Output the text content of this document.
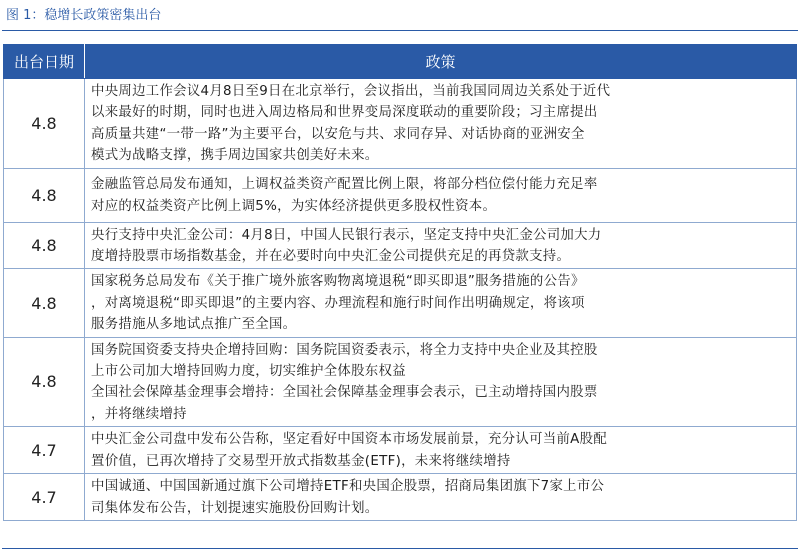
图 1：稳增长政策密集出台
出台日期	政策
4.8	中央周边工作会议4月8日至9日在北京举行，会议指出，当前我国同周边关系处于近代
以来最好的时期，同时也进入周边格局和世界变局深度联动的重要阶段；习主席提出
高质量共建“一带一路”为主要平台，以安危与共、求同存异、对话协商的亚洲安全
模式为战略支撑，携手周边国家共创美好未来。

4.8	金融监管总局发布通知，上调权益类资产配置比例上限，将部分档位偿付能力充足率
对应的权益类资产比例上调5%，为实体经济提供更多股权性资本。

4.8	央行支持中央汇金公司：4月8日，中国人民银行表示，坚定支持中央汇金公司加大力
度增持股票市场指数基金，并在必要时向中央汇金公司提供充足的再贷款支持。

4.8	国家税务总局发布《关于推广境外旅客购物离境退税“即买即退”服务措施的公告》
，对离境退税“即买即退”的主要内容、办理流程和施行时间作出明确规定，将该项
服务措施从多地试点推广至全国。

4.8	国务院国资委支持央企增持回购：国务院国资委表示，将全力支持中央企业及其控股
上市公司加大增持回购力度，切实维护全体股东权益
全国社会保障基金理事会增持：全国社会保障基金理事会表示，已主动增持国内股票
，并将继续增持

4.7	中央汇金公司盘中发布公告称，坚定看好中国资本市场发展前景，充分认可当前A股配
置价值，已再次增持了交易型开放式指数基金(ETF)，未来将继续增持

4.7	中国诚通、中国国新通过旗下公司增持ETF和央国企股票，招商局集团旗下7家上市公
司集体发布公告，计划提速实施股份回购计划。
